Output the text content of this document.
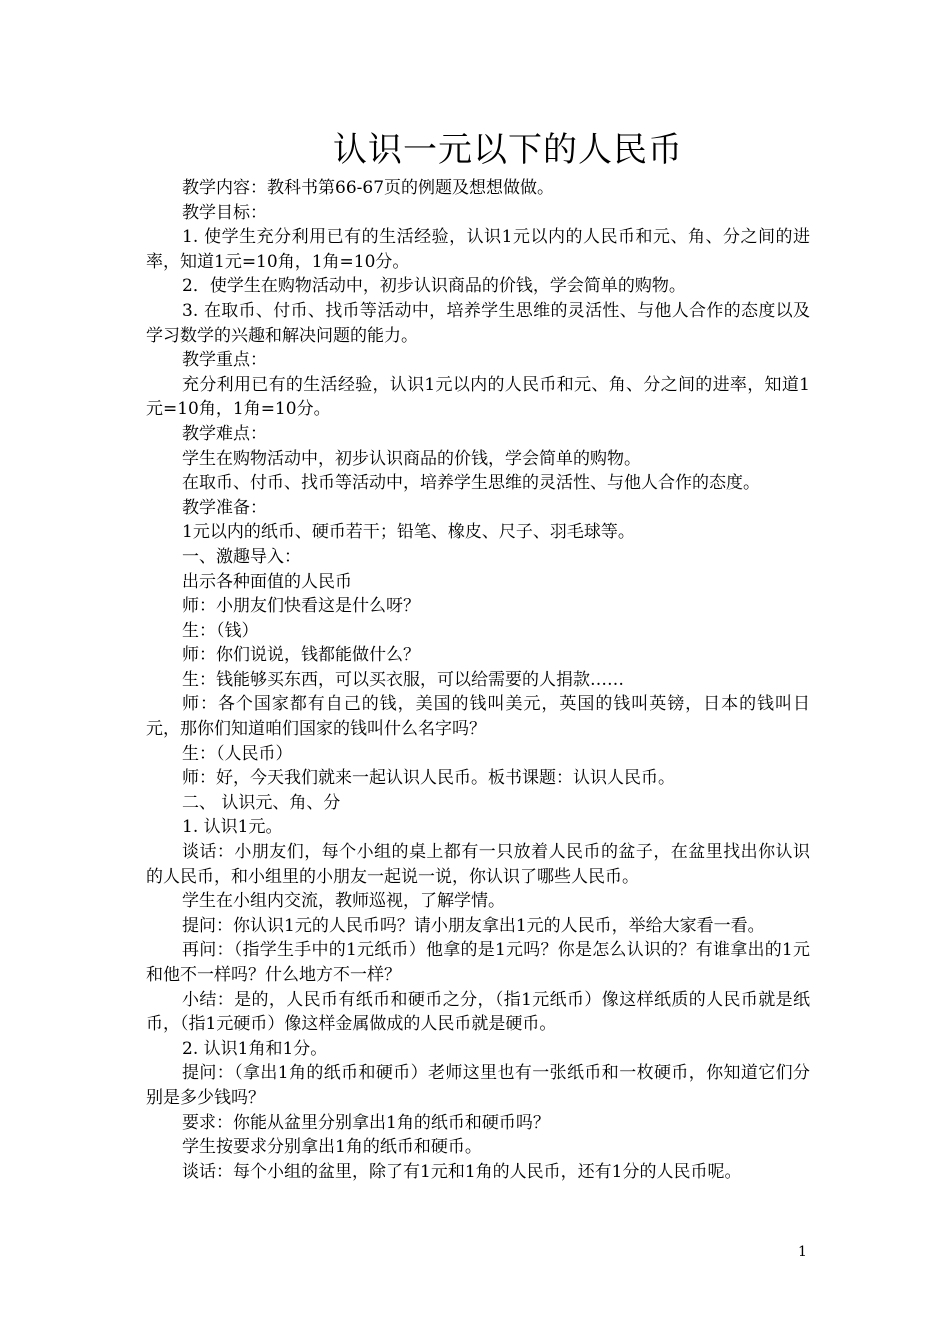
认识一元以下的人民币

教学内容：教科书第66-67页的例题及想想做做。

教学目标：

1. 使学生充分利用已有的生活经验，认识1元以内的人民币和元、角、分之间的进率，知道1元=10角，1角=10分。

2．使学生在购物活动中，初步认识商品的价钱，学会简单的购物。

3. 在取币、付币、找币等活动中，培养学生思维的灵活性、与他人合作的态度以及学习数学的兴趣和解决问题的能力。

教学重点：

充分利用已有的生活经验，认识1元以内的人民币和元、角、分之间的进率，知道1元=10角，1角=10分。

教学难点：

学生在购物活动中，初步认识商品的价钱，学会简单的购物。

在取币、付币、找币等活动中，培养学生思维的灵活性、与他人合作的态度。

教学准备：

1元以内的纸币、硬币若干；铅笔、橡皮、尺子、羽毛球等。

一、激趣导入：

出示各种面值的人民币

师：小朋友们快看这是什么呀？

生：（钱）

师：你们说说，钱都能做什么？

生：钱能够买东西，可以买衣服，可以给需要的人捐款……

师：各个国家都有自己的钱，美国的钱叫美元，英国的钱叫英镑，日本的钱叫日元，那你们知道咱们国家的钱叫什么名字吗？

生：（人民币）

师：好，今天我们就来一起认识人民币。板书课题：认识人民币。

二、 认识元、角、分

1. 认识1元。

谈话：小朋友们，每个小组的桌上都有一只放着人民币的盆子，在盆里找出你认识的人民币，和小组里的小朋友一起说一说，你认识了哪些人民币。

学生在小组内交流，教师巡视，了解学情。

提问：你认识1元的人民币吗？请小朋友拿出1元的人民币，举给大家看一看。

再问：（指学生手中的1元纸币）他拿的是1元吗？你是怎么认识的？有谁拿出的1元和他不一样吗？什么地方不一样？

小结：是的，人民币有纸币和硬币之分，（指1元纸币）像这样纸质的人民币就是纸币，（指1元硬币）像这样金属做成的人民币就是硬币。

2. 认识1角和1分。

提问：（拿出1角的纸币和硬币）老师这里也有一张纸币和一枚硬币，你知道它们分别是多少钱吗？

要求：你能从盆里分别拿出1角的纸币和硬币吗？

学生按要求分别拿出1角的纸币和硬币。

谈话：每个小组的盆里，除了有1元和1角的人民币，还有1分的人民币呢。

1
